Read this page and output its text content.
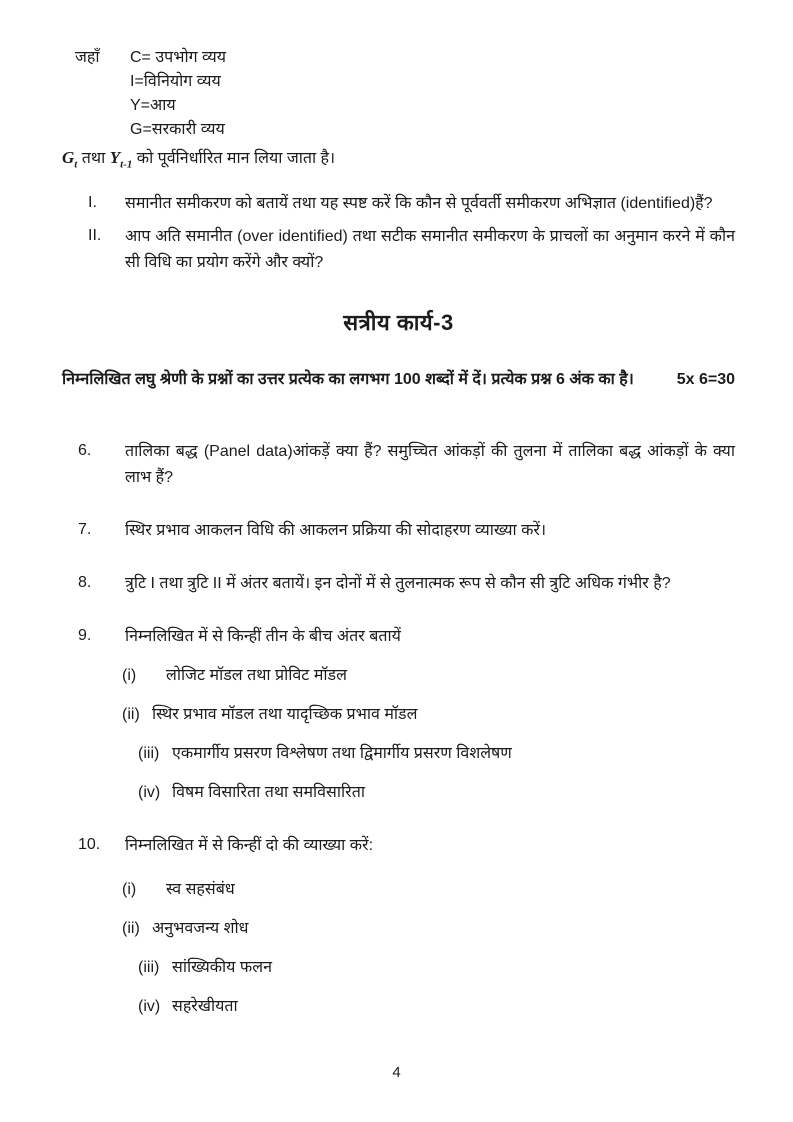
जहाँ	C= उपभोग व्यय
I=विनियोग व्यय
Y=आय
G=सरकारी व्यय

$G_t$ तथा $Y_{t-1}$ को पूर्वनिर्धारित मान लिया जाता है।

I.	समानीत समीकरण को बतायें तथा यह स्पष्ट करें कि कौन से पूर्ववर्ती समीकरण अभिज्ञात (identified)हैं?
II.	आप अति समानीत (over identified) तथा सटीक समानीत समीकरण के प्राचलों का अनुमान करने में कौन सी विधि का प्रयोग करेंगे और क्यों?
सत्रीय कार्य-3
निम्नलिखित लघु श्रेणी के प्रश्नों का उत्तर प्रत्येक का लगभग 100 शब्दों में दें। प्रत्येक प्रश्न 6 अंक का है।	5x 6=30
6.	तालिका बद्ध (Panel data)आंकड़ें क्या हैं? समुच्चित आंकड़ों की तुलना में तालिका बद्ध आंकड़ों के क्या लाभ हैं?
7.	स्थिर प्रभाव आकलन विधि की आकलन प्रक्रिया की सोदाहरण व्याख्या करें।
8.	त्रुटि I तथा त्रुटि II में अंतर बतायें। इन दोनों में से तुलनात्मक रूप से कौन सी त्रुटि अधिक गंभीर है?
9.	निम्नलिखित में से किन्हीं तीन के बीच अंतर बतायें
(i)	लोजिट मॉडल तथा प्रोविट मॉडल
(ii) स्थिर प्रभाव मॉडल तथा यादृच्छिक प्रभाव मॉडल
(iii) एकमार्गीय प्रसरण विश्लेषण तथा द्विमार्गीय प्रसरण विशलेषण
(iv) विषम विसारिता तथा समविसारिता
10.	निम्नलिखित में से किन्हीं दो की व्याख्या करें:
(i)	स्व सहसंबंध
(ii) अनुभवजन्य शोध
(iii) सांख्यिकीय फलन
(iv) सहरेखीयता
4
